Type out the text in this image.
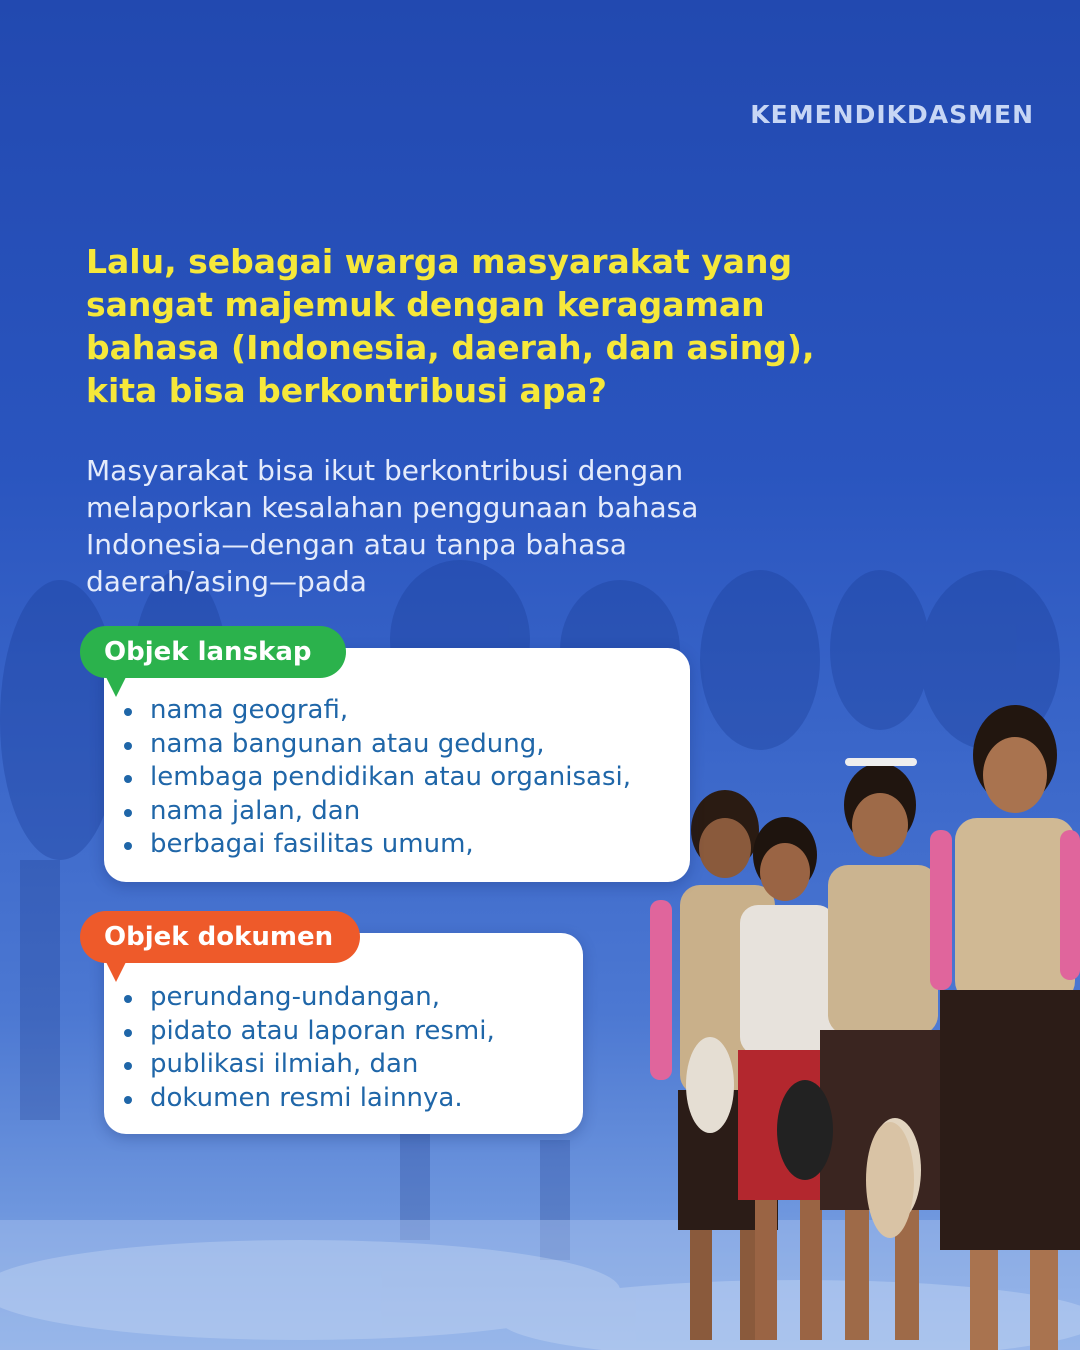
KEMENDIKDASMEN
Lalu, sebagai warga masyarakat yang sangat majemuk dengan keragaman bahasa (Indonesia, daerah, dan asing), kita bisa berkontribusi apa?

Masyarakat bisa ikut berkontribusi dengan melaporkan kesalahan penggunaan bahasa Indonesia—dengan atau tanpa bahasa daerah/asing—pada

Objek lanskap
nama geografi,
nama bangunan atau gedung,
lembaga pendidikan atau organisasi,
nama jalan, dan
berbagai fasilitas umum,
Objek dokumen
perundang-undangan,
pidato atau laporan resmi,
publikasi ilmiah, dan
dokumen resmi lainnya.
